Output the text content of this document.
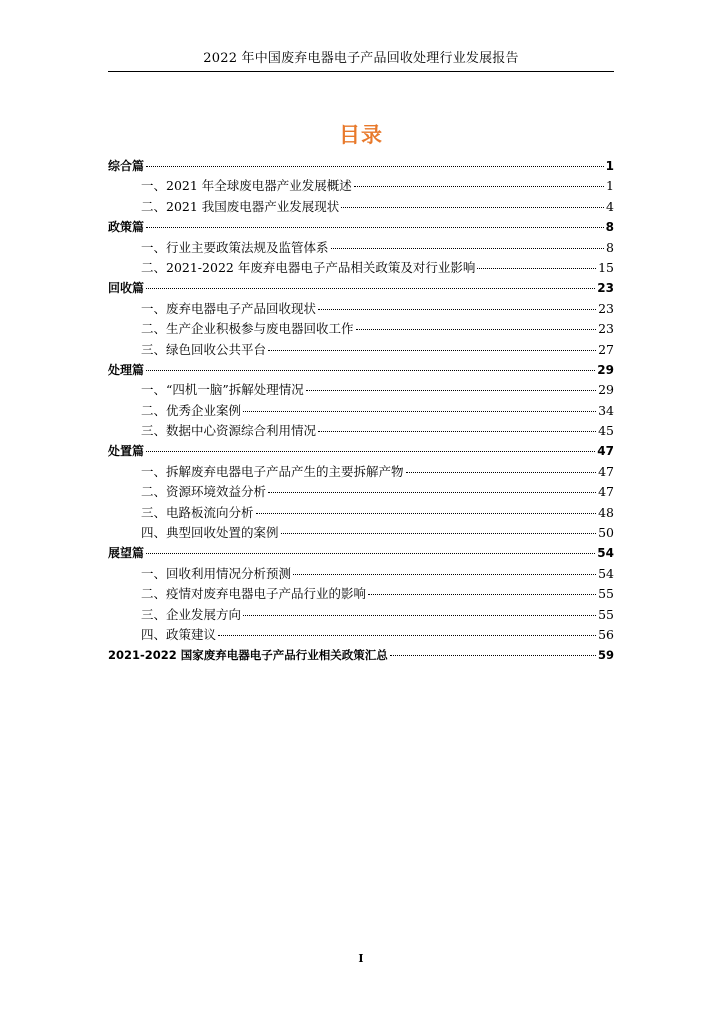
2022 年中国废弃电器电子产品回收处理行业发展报告
目录
综合篇	1
一、2021 年全球废电器产业发展概述	1
二、2021 我国废电器产业发展现状	4
政策篇	8
一、行业主要政策法规及监管体系	8
二、2021-2022 年废弃电器电子产品相关政策及对行业影响	15
回收篇	23
一、废弃电器电子产品回收现状	23
二、生产企业积极参与废电器回收工作	23
三、绿色回收公共平台	27
处理篇	29
一、“四机一脑”拆解处理情况	29
二、优秀企业案例	34
三、数据中心资源综合利用情况	45
处置篇	47
一、拆解废弃电器电子产品产生的主要拆解产物	47
二、资源环境效益分析	47
三、电路板流向分析	48
四、典型回收处置的案例	50
展望篇	54
一、回收利用情况分析预测	54
二、疫情对废弃电器电子产品行业的影响	55
三、企业发展方向	55
四、政策建议	56
2021-2022 国家废弃电器电子产品行业相关政策汇总	59
I
